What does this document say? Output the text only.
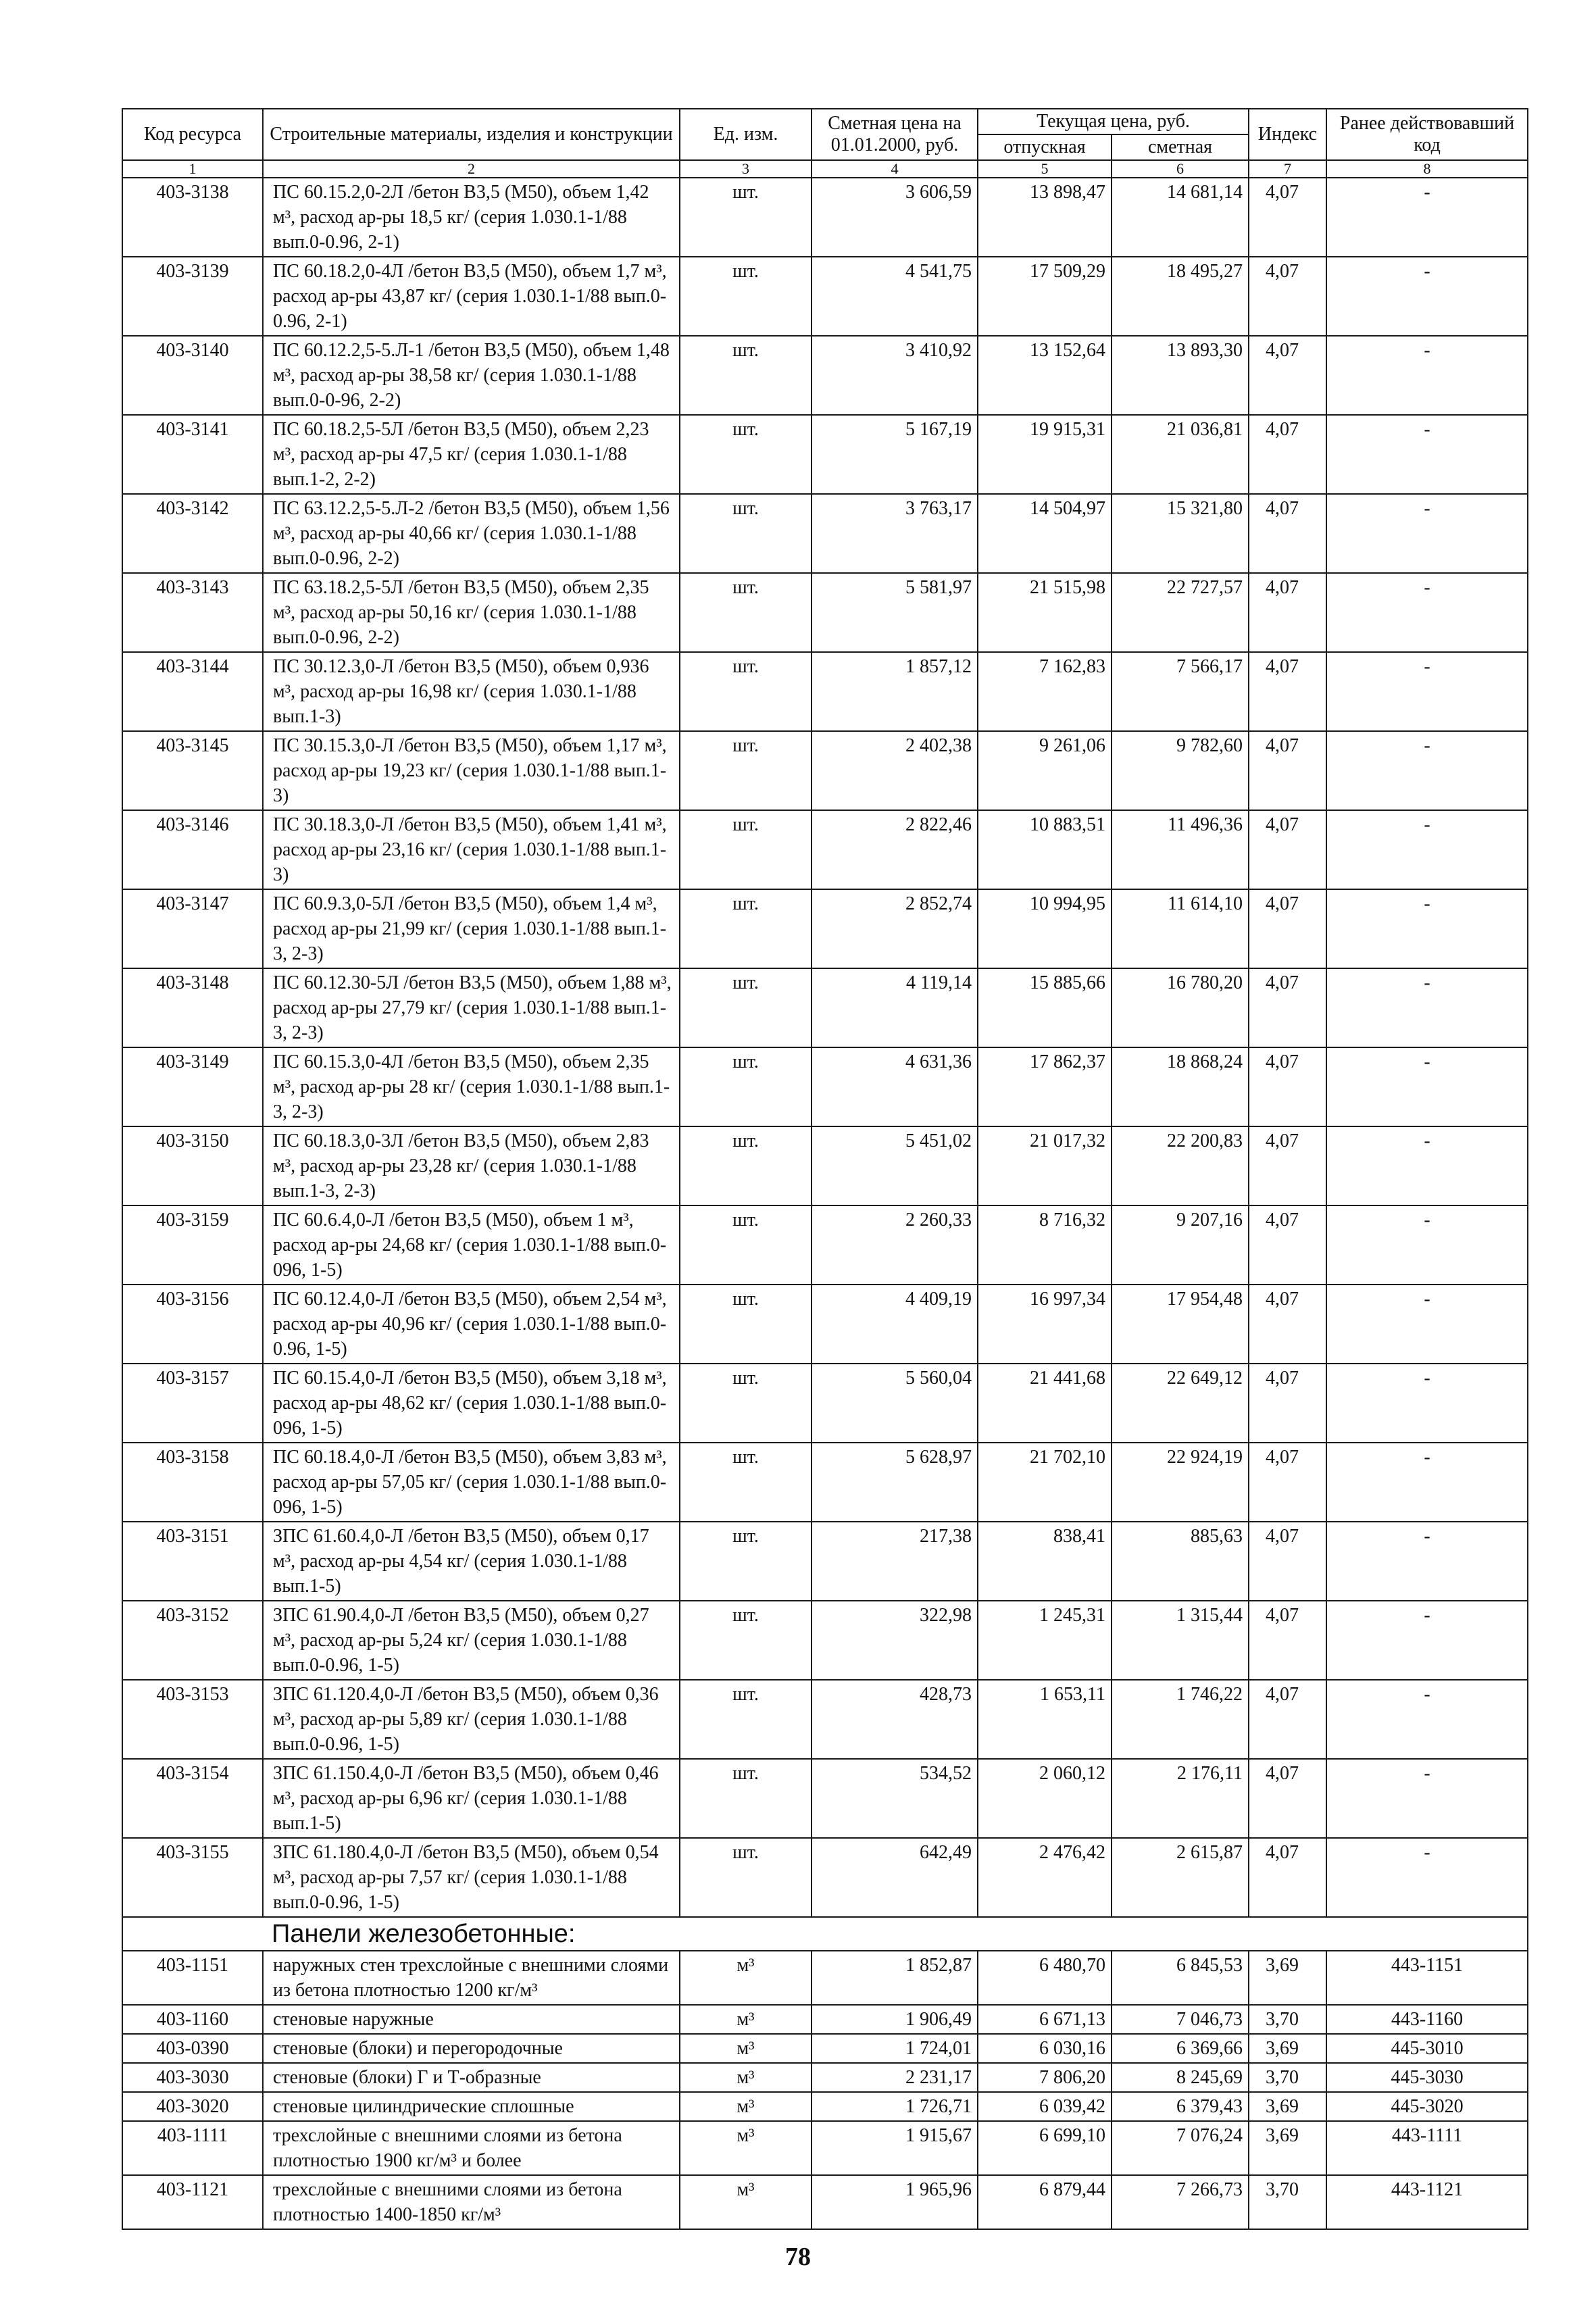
Код ресурса	Строительные материалы, изделия и конструкции	Ед. изм.	Сметная цена на 01.01.2000, руб.	Текущая цена, руб.		Индекс	Ранее действовавший код
				отпускная	сметная		
1	2	3	4	5	6	7	8
403-3138	ПС 60.15.2,0-2Л /бетон В3,5 (М50), объем 1,42 м³, расход ар-ры 18,5 кг/ (серия 1.030.1-1/88 вып.0-0.96, 2-1)	шт.	3 606,59	13 898,47	14 681,14	4,07	-
403-3139	ПС 60.18.2,0-4Л /бетон В3,5 (М50), объем 1,7 м³, расход ар-ры 43,87 кг/ (серия 1.030.1-1/88 вып.0-0.96, 2-1)	шт.	4 541,75	17 509,29	18 495,27	4,07	-
403-3140	ПС 60.12.2,5-5.Л-1 /бетон В3,5 (М50), объем 1,48 м³, расход ар-ры 38,58 кг/ (серия 1.030.1-1/88 вып.0-0-96, 2-2)	шт.	3 410,92	13 152,64	13 893,30	4,07	-
403-3141	ПС 60.18.2,5-5Л /бетон В3,5 (М50), объем 2,23 м³, расход ар-ры 47,5 кг/ (серия 1.030.1-1/88 вып.1-2, 2-2)	шт.	5 167,19	19 915,31	21 036,81	4,07	-
403-3142	ПС 63.12.2,5-5.Л-2 /бетон В3,5 (М50), объем 1,56 м³, расход ар-ры 40,66 кг/ (серия 1.030.1-1/88 вып.0-0.96, 2-2)	шт.	3 763,17	14 504,97	15 321,80	4,07	-
403-3143	ПС 63.18.2,5-5Л /бетон В3,5 (М50), объем 2,35 м³, расход ар-ры 50,16 кг/ (серия 1.030.1-1/88 вып.0-0.96, 2-2)	шт.	5 581,97	21 515,98	22 727,57	4,07	-
403-3144	ПС 30.12.3,0-Л /бетон В3,5 (М50), объем 0,936 м³, расход ар-ры 16,98 кг/ (серия 1.030.1-1/88 вып.1-3)	шт.	1 857,12	7 162,83	7 566,17	4,07	-
403-3145	ПС 30.15.3,0-Л /бетон В3,5 (М50), объем 1,17 м³, расход ар-ры 19,23 кг/ (серия 1.030.1-1/88 вып.1-3)	шт.	2 402,38	9 261,06	9 782,60	4,07	-
403-3146	ПС 30.18.3,0-Л /бетон В3,5 (М50), объем 1,41 м³, расход ар-ры 23,16 кг/ (серия 1.030.1-1/88 вып.1-3)	шт.	2 822,46	10 883,51	11 496,36	4,07	-
403-3147	ПС 60.9.3,0-5Л /бетон В3,5 (М50), объем 1,4 м³, расход ар-ры 21,99 кг/ (серия 1.030.1-1/88 вып.1-3, 2-3)	шт.	2 852,74	10 994,95	11 614,10	4,07	-
403-3148	ПС 60.12.30-5Л /бетон В3,5 (М50), объем 1,88 м³, расход ар-ры 27,79 кг/ (серия 1.030.1-1/88 вып.1-3, 2-3)	шт.	4 119,14	15 885,66	16 780,20	4,07	-
403-3149	ПС 60.15.3,0-4Л /бетон В3,5 (М50), объем 2,35 м³, расход ар-ры 28 кг/ (серия 1.030.1-1/88 вып.1-3, 2-3)	шт.	4 631,36	17 862,37	18 868,24	4,07	-
403-3150	ПС 60.18.3,0-3Л /бетон В3,5 (М50), объем 2,83 м³, расход ар-ры 23,28 кг/ (серия 1.030.1-1/88 вып.1-3, 2-3)	шт.	5 451,02	21 017,32	22 200,83	4,07	-
403-3159	ПС 60.6.4,0-Л /бетон В3,5 (М50), объем 1 м³, расход ар-ры 24,68 кг/ (серия 1.030.1-1/88 вып.0-096, 1-5)	шт.	2 260,33	8 716,32	9 207,16	4,07	-
403-3156	ПС 60.12.4,0-Л /бетон В3,5 (М50), объем 2,54 м³, расход ар-ры 40,96 кг/ (серия 1.030.1-1/88 вып.0-0.96, 1-5)	шт.	4 409,19	16 997,34	17 954,48	4,07	-
403-3157	ПС 60.15.4,0-Л /бетон В3,5 (М50), объем 3,18 м³, расход ар-ры 48,62 кг/ (серия 1.030.1-1/88 вып.0-096, 1-5)	шт.	5 560,04	21 441,68	22 649,12	4,07	-
403-3158	ПС 60.18.4,0-Л /бетон В3,5 (М50), объем 3,83 м³, расход ар-ры 57,05 кг/ (серия 1.030.1-1/88 вып.0-096, 1-5)	шт.	5 628,97	21 702,10	22 924,19	4,07	-
403-3151	ЗПС 61.60.4,0-Л /бетон В3,5 (М50), объем 0,17 м³, расход ар-ры 4,54 кг/ (серия 1.030.1-1/88 вып.1-5)	шт.	217,38	838,41	885,63	4,07	-
403-3152	ЗПС 61.90.4,0-Л /бетон В3,5 (М50), объем 0,27 м³, расход ар-ры 5,24 кг/ (серия 1.030.1-1/88 вып.0-0.96, 1-5)	шт.	322,98	1 245,31	1 315,44	4,07	-
403-3153	ЗПС 61.120.4,0-Л /бетон В3,5 (М50), объем 0,36 м³, расход ар-ры 5,89 кг/ (серия 1.030.1-1/88 вып.0-0.96, 1-5)	шт.	428,73	1 653,11	1 746,22	4,07	-
403-3154	ЗПС 61.150.4,0-Л /бетон В3,5 (М50), объем 0,46 м³, расход ар-ры 6,96 кг/ (серия 1.030.1-1/88 вып.1-5)	шт.	534,52	2 060,12	2 176,11	4,07	-
403-3155	ЗПС 61.180.4,0-Л /бетон В3,5 (М50), объем 0,54 м³, расход ар-ры 7,57 кг/ (серия 1.030.1-1/88 вып.0-0.96, 1-5)	шт.	642,49	2 476,42	2 615,87	4,07	-
Панели железобетонные:							
403-1151	наружных стен трехслойные с внешними слоями из бетона плотностью 1200 кг/м³	м³	1 852,87	6 480,70	6 845,53	3,69	443-1151
403-1160	стеновые наружные	м³	1 906,49	6 671,13	7 046,73	3,70	443-1160
403-0390	стеновые (блоки) и перегородочные	м³	1 724,01	6 030,16	6 369,66	3,69	445-3010
403-3030	стеновые (блоки) Г и Т-образные	м³	2 231,17	7 806,20	8 245,69	3,70	445-3030
403-3020	стеновые цилиндрические сплошные	м³	1 726,71	6 039,42	6 379,43	3,69	445-3020
403-1111	трехслойные с внешними слоями из бетона плотностью 1900 кг/м³ и более	м³	1 915,67	6 699,10	7 076,24	3,69	443-1111
403-1121	трехслойные с внешними слоями из бетона плотностью 1400-1850 кг/м³	м³	1 965,96	6 879,44	7 266,73	3,70	443-1121
78
